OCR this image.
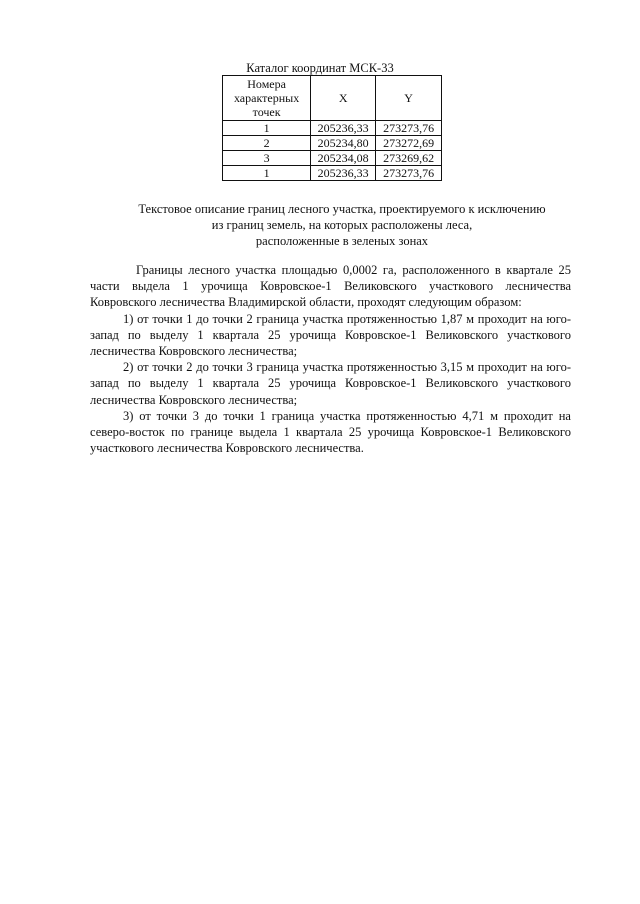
Каталог координат МСК-33
Номера характерных точек	X	Y
1	205236,33	273273,76
2	205234,80	273272,69
3	205234,08	273269,62
1	205236,33	273273,76
Текстовое описание границ лесного участка, проектируемого к исключению
из границ земель, на которых расположены леса,
расположенные в зеленых зонах

Границы лесного участка площадью 0,0002 га, расположенного в квартале 25 части выдела 1 урочища Ковровское-1 Великовского участкового лесничества Ковровского лесничества Владимирской области, проходят следующим образом:

1) от точки 1 до точки 2 граница участка протяженностью 1,87 м проходит на юго-запад по выделу 1 квартала 25 урочища Ковровское-1 Великовского участкового лесничества Ковровского лесничества;

2) от точки 2 до точки 3 граница участка протяженностью 3,15 м проходит на юго-запад по выделу 1 квартала 25 урочища Ковровское-1 Великовского участкового лесничества Ковровского лесничества;

3) от точки 3 до точки 1 граница участка протяженностью 4,71 м проходит на северо-восток по границе выдела 1 квартала 25 урочища Ковровское-1 Великовского участкового лесничества Ковровского лесничества.
